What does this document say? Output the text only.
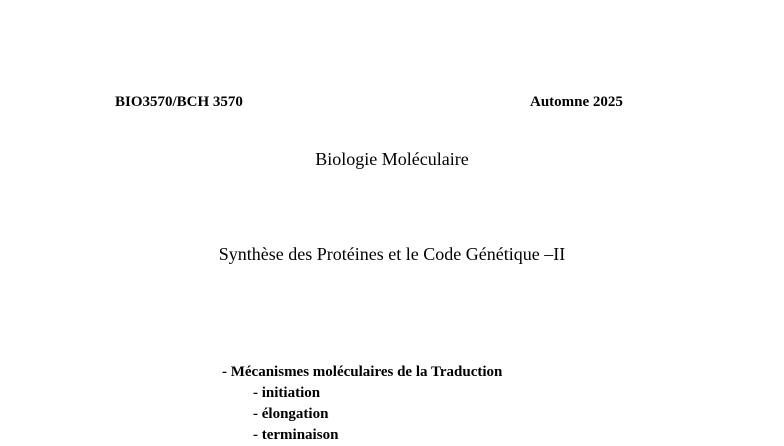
BIO3570/BCH 3570	Automne 2025
Biologie Moléculaire
Synthèse des Protéines et le Code Génétique –II
- Mécanismes moléculaires de la Traduction
- initiation
- élongation
- terminaison
